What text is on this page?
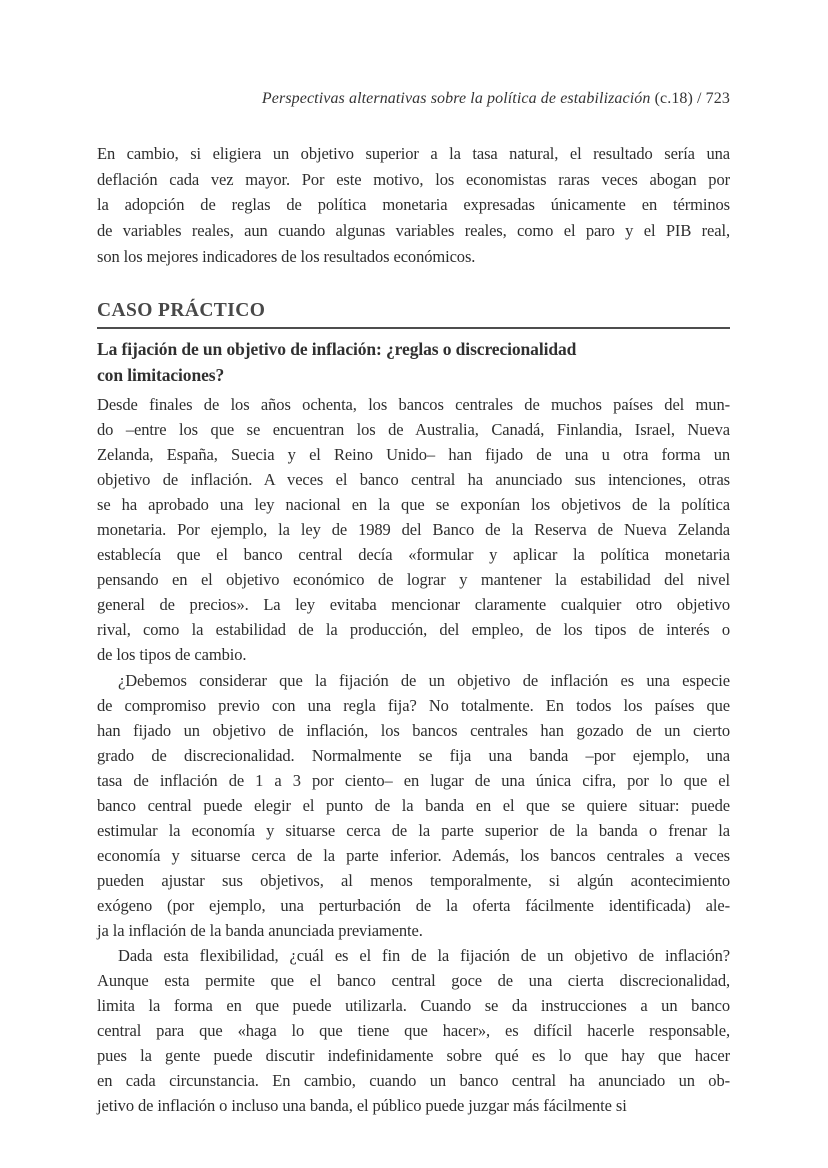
Perspectivas alternativas sobre la política de estabilización (c.18) / 723
En cambio, si eligiera un objetivo superior a la tasa natural, el resultado sería una
deflación cada vez mayor. Por este motivo, los economistas raras veces abogan por
la adopción de reglas de política monetaria expresadas únicamente en términos
de variables reales, aun cuando algunas variables reales, como el paro y el PIB real,
son los mejores indicadores de los resultados económicos.
CASO PRÁCTICO
La fijación de un objetivo de inflación: ¿reglas o discrecionalidad
con limitaciones?
Desde finales de los años ochenta, los bancos centrales de muchos países del mun-
do –entre los que se encuentran los de Australia, Canadá, Finlandia, Israel, Nueva
Zelanda, España, Suecia y el Reino Unido– han fijado de una u otra forma un
objetivo de inflación. A veces el banco central ha anunciado sus intenciones, otras
se ha aprobado una ley nacional en la que se exponían los objetivos de la política
monetaria. Por ejemplo, la ley de 1989 del Banco de la Reserva de Nueva Zelanda
establecía que el banco central decía «formular y aplicar la política monetaria
pensando en el objetivo económico de lograr y mantener la estabilidad del nivel
general de precios». La ley evitaba mencionar claramente cualquier otro objetivo
rival, como la estabilidad de la producción, del empleo, de los tipos de interés o
de los tipos de cambio.
¿Debemos considerar que la fijación de un objetivo de inflación es una especie
de compromiso previo con una regla fija? No totalmente. En todos los países que
han fijado un objetivo de inflación, los bancos centrales han gozado de un cierto
grado de discrecionalidad. Normalmente se fija una banda –por ejemplo, una
tasa de inflación de 1 a 3 por ciento– en lugar de una única cifra, por lo que el
banco central puede elegir el punto de la banda en el que se quiere situar: puede
estimular la economía y situarse cerca de la parte superior de la banda o frenar la
economía y situarse cerca de la parte inferior. Además, los bancos centrales a veces
pueden ajustar sus objetivos, al menos temporalmente, si algún acontecimiento
exógeno (por ejemplo, una perturbación de la oferta fácilmente identificada) ale-
ja la inflación de la banda anunciada previamente.
Dada esta flexibilidad, ¿cuál es el fin de la fijación de un objetivo de inflación?
Aunque esta permite que el banco central goce de una cierta discrecionalidad,
limita la forma en que puede utilizarla. Cuando se da instrucciones a un banco
central para que «haga lo que tiene que hacer», es difícil hacerle responsable,
pues la gente puede discutir indefinidamente sobre qué es lo que hay que hacer
en cada circunstancia. En cambio, cuando un banco central ha anunciado un ob-
jetivo de inflación o incluso una banda, el público puede juzgar más fácilmente si
